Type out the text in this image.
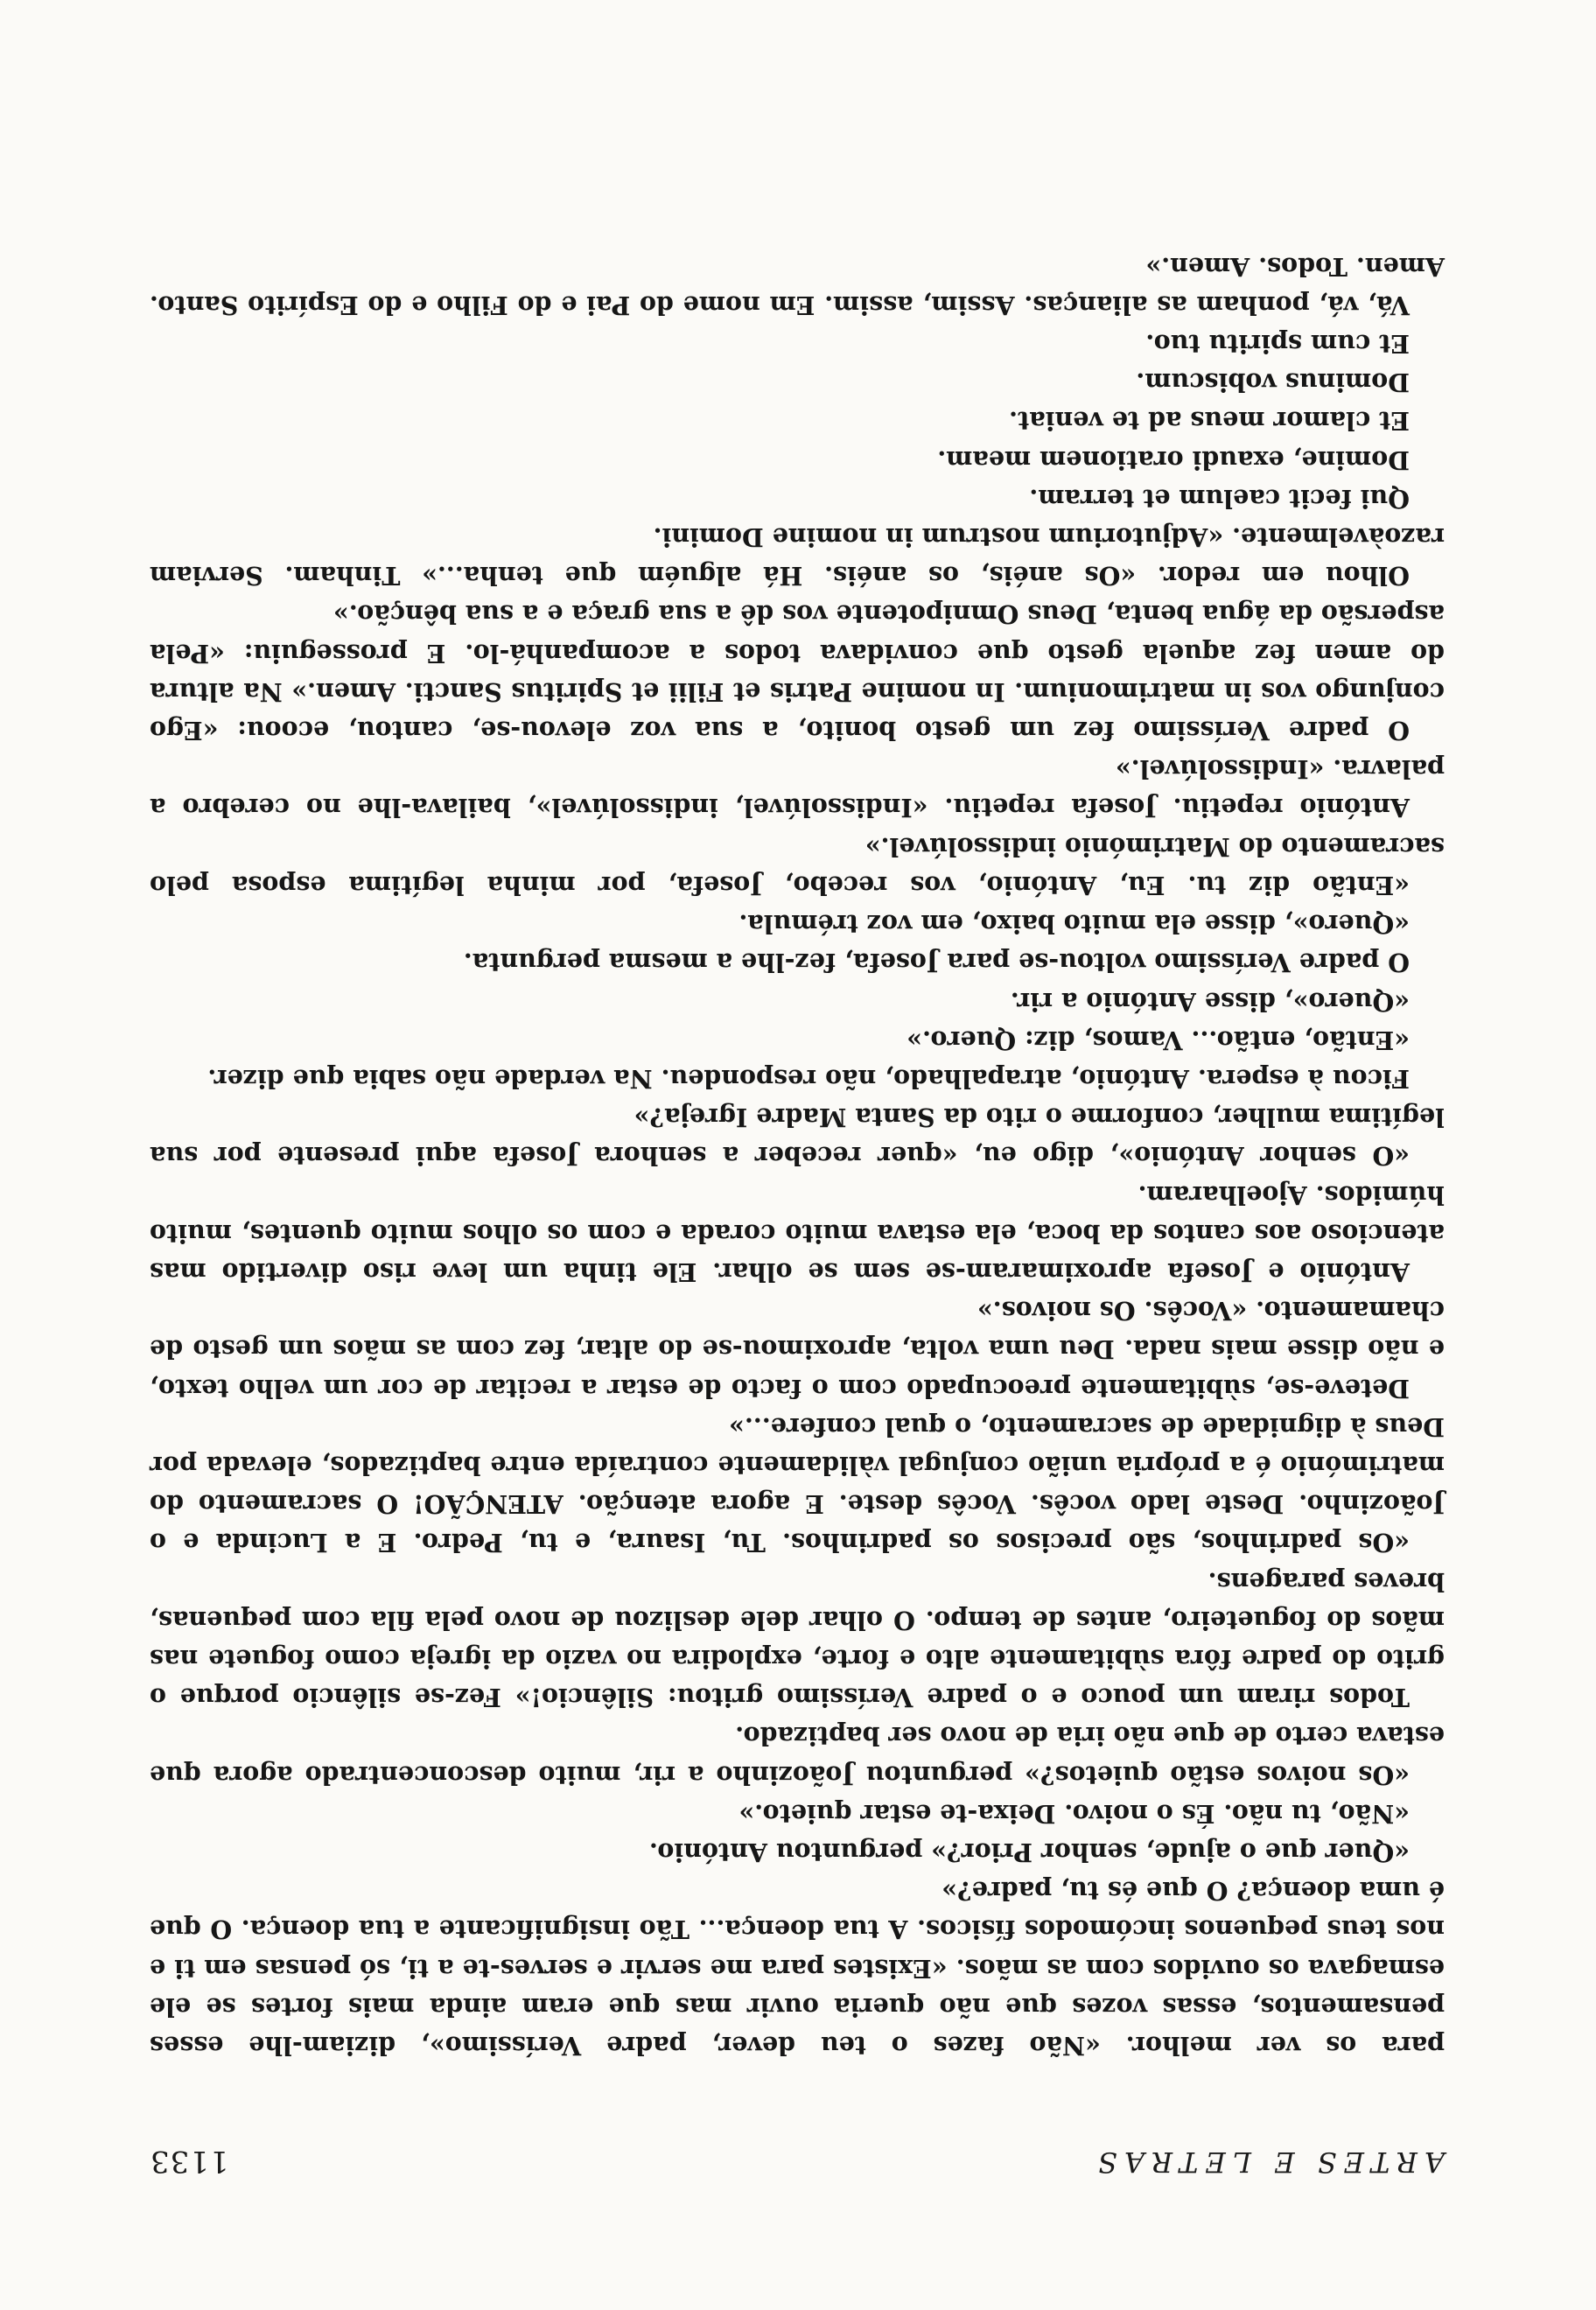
ARTES E LETRAS
1133

para os ver melhor. «Não fazes o teu dever, padre Veríssimo», diziam-lhe esses pensamentos, essas vozes que não queria ouvir mas que eram ainda mais fortes se ele esmagava os ouvidos com as mãos. «Existes para me servir e serves-te a ti, só pensas em ti e nos teus pequenos incómodos físicos. A tua doença... Tão insignificante a tua doença. O que é uma doença? O que és tu, padre?»

«Quer que o ajude, senhor Prior?» perguntou António.

«Não, tu não. És o noivo. Deixa-te estar quieto.»

«Os noivos estão quietos?» perguntou Joãozinho a rir, muito desconcentrado agora que estava certo de que não iria de novo ser baptizado.

Todos riram um pouco e o padre Veríssimo gritou: Silêncio!» Fez-se silêncio porque o grito do padre fôra sùbitamente alto e forte, explodira no vazio da igreja como foguete nas mãos do fogueteiro, antes de tempo. O olhar dele deslizou de novo pela fila com pequenas, breves paragens.

«Os padrinhos, são precisos os padrinhos. Tu, Isaura, e tu, Pedro. E a Lucinda e o Joãozinho. Deste lado vocês. Vocês deste. E agora atenção. ATENÇÃO! O sacramento do matrimónio é a própria união conjugal vàlidamente contraída entre baptizados, elevada por Deus à dignidade de sacramento, o qual confere...»

Deteve-se, sùbitamente preocupado com o facto de estar a recitar de cor um velho texto, e não disse mais nada. Deu uma volta, aproximou-se do altar, fez com as mãos um gesto de chamamento. «Vocês. Os noivos.»

António e Josefa aproximaram-se sem se olhar. Ele tinha um leve riso divertido mas atencioso aos cantos da boca, ela estava muito corada e com os olhos muito quentes, muito húmidos. Ajoelharam.

«O senhor António», digo eu, «quer receber a senhora Josefa aqui presente por sua legítima mulher, conforme o rito da Santa Madre Igreja?»

Ficou à espera. António, atrapalhado, não respondeu. Na verdade não sabia que dizer.

«Então, então... Vamos, diz: Quero.»

«Quero», disse António a rir.

O padre Veríssimo voltou-se para Josefa, fez-lhe a mesma pergunta.

«Quero», disse ela muito baixo, em voz trémula.

«Então diz tu. Eu, António, vos recebo, Josefa, por minha legítima esposa pelo sacramento do Matrimónio indissolúvel.»

António repetiu. Josefa repetiu. «Indissolúvel, indissolúvel», bailava-lhe no cerebro a palavra. «Indissolúvel.»

O padre Veríssimo fez um gesto bonito, a sua voz elevou-se, cantou, ecoou: «Ego conjungo vos in matrimonium. In nomine Patris et Filii et Spiritus Sancti. Amen.» Na altura do amen fez aquela gesto que convidava todos a acompanhá-lo. E prosseguiu: «Pela aspersão da água benta, Deus Omnipotente vos dê a sua graça e a sua bênção.»

Olhou em redor. «Os anéis, os anéis. Há alguém que tenha...» Tinham. Serviam razoàvelmente. «Adjutorium nostrum in nomine Domini.

Qui fecit caelum et terram.

Domine, exaudi orationem meam.

Et clamor meus ad te veniat.

Dominus vobiscum.

Et cum spiritu tuo.

Vá, vá, ponham as alianças. Assim, assim. Em nome do Pai e do Filho e do Espírito Santo. Amen. Todos. Amen.»
